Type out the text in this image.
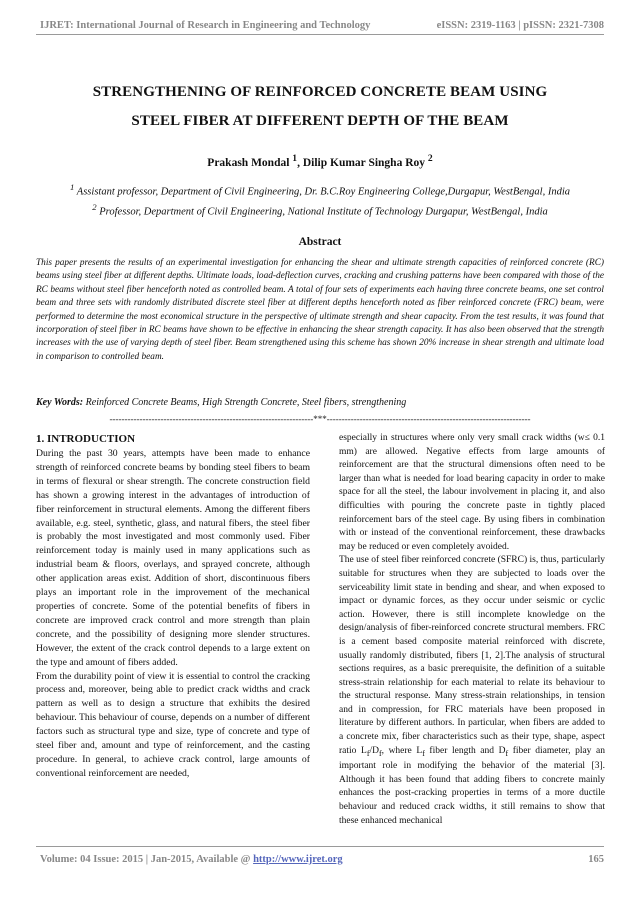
IJRET: International Journal of Research in Engineering and Technology	eISSN: 2319-1163 | pISSN: 2321-7308
STRENGTHENING OF REINFORCED CONCRETE BEAM USING
STEEL FIBER AT DIFFERENT DEPTH OF THE BEAM
Prakash Mondal $^1$, Dilip Kumar Singha Roy $^2$

$^1$ Assistant professor, Department of Civil Engineering, Dr. B.C.Roy Engineering College,Durgapur, WestBengal, India

$^2$ Professor, Department of Civil Engineering, National Institute of Technology Durgapur, WestBengal, India

Abstract

This paper presents the results of an experimental investigation for enhancing the shear and ultimate strength capacities of reinforced concrete (RC) beams using steel fiber at different depths. Ultimate loads, load-deflection curves, cracking and crushing patterns have been compared with those of the RC beams without steel fiber henceforth noted as controlled beam. A total of four sets of experiments each having three concrete beams, one set control beam and three sets with randomly distributed discrete steel fiber at different depths henceforth noted as fiber reinforced concrete (FRC) beam, were performed to determine the most economical structure in the perspective of ultimate strength and shear capacity. From the test results, it was found that incorporation of steel fiber in RC beams have shown to be effective in enhancing the shear strength capacity. It has also been observed that the strength increases with the use of varying depth of steel fiber. Beam strengthened using this scheme has shown 20% increase in shear strength and ultimate load in comparison to controlled beam.

Key Words: Reinforced Concrete Beams, High Strength Concrete, Steel fibers, strengthening
--------------------------------------------------------------------***--------------------------------------------------------------------
1. INTRODUCTION

During the past 30 years, attempts have been made to enhance strength of reinforced concrete beams by bonding steel fibers to beam in terms of flexural or shear strength. The concrete construction field has shown a growing interest in the advantages of introduction of fiber reinforcement in structural elements. Among the different fibers available, e.g. steel, synthetic, glass, and natural fibers, the steel fiber is probably the most investigated and most commonly used. Fiber reinforcement today is mainly used in many applications such as industrial beam & floors, overlays, and sprayed concrete, although other application areas exist. Addition of short, discontinuous fibers plays an important role in the improvement of the mechanical properties of concrete. Some of the potential benefits of fibers in concrete are improved crack control and more strength than plain concrete, and the possibility of designing more slender structures. However, the extent of the crack control depends to a large extent on the type and amount of fibers added.

From the durability point of view it is essential to control the cracking process and, moreover, being able to predict crack widths and crack pattern as well as to design a structure that exhibits the desired behaviour. This behaviour of course, depends on a number of different factors such as structural type and size, type of concrete and type of steel fiber and, amount and type of reinforcement, and the casting procedure. In general, to achieve crack control, large amounts of conventional reinforcement are needed,

especially in structures where only very small crack widths (w≤ 0.1 mm) are allowed. Negative effects from large amounts of reinforcement are that the structural dimensions often need to be larger than what is needed for load bearing capacity in order to make space for all the steel, the labour involvement in placing it, and also difficulties with pouring the concrete paste in tightly placed reinforcement bars of the steel cage. By using fibers in combination with or instead of the conventional reinforcement, these drawbacks may be reduced or even completely avoided.

The use of steel fiber reinforced concrete (SFRC) is, thus, particularly suitable for structures when they are subjected to loads over the serviceability limit state in bending and shear, and when exposed to impact or dynamic forces, as they occur under seismic or cyclic action. However, there is still incomplete knowledge on the design/analysis of fiber-reinforced concrete structural members. FRC is a cement based composite material reinforced with discrete, usually randomly distributed, fibers [1, 2].The analysis of structural sections requires, as a basic prerequisite, the definition of a suitable stress-strain relationship for each material to relate its behaviour to the structural response. Many stress-strain relationships, in tension and in compression, for FRC materials have been proposed in literature by different authors. In particular, when fibers are added to a concrete mix, fiber characteristics such as their type, shape, aspect ratio $L_f/D_f$, where $L_f$ fiber length and $D_f$ fiber diameter, play an important role in modifying the behavior of the material [3]. Although it has been found that adding fibers to concrete mainly enhances the post-cracking properties in terms of a more ductile behaviour and reduced crack widths, it still remains to show that these enhanced mechanical

Volume: 04 Issue: 2015 | Jan-2015, Available @ http://www.ijret.org	165
